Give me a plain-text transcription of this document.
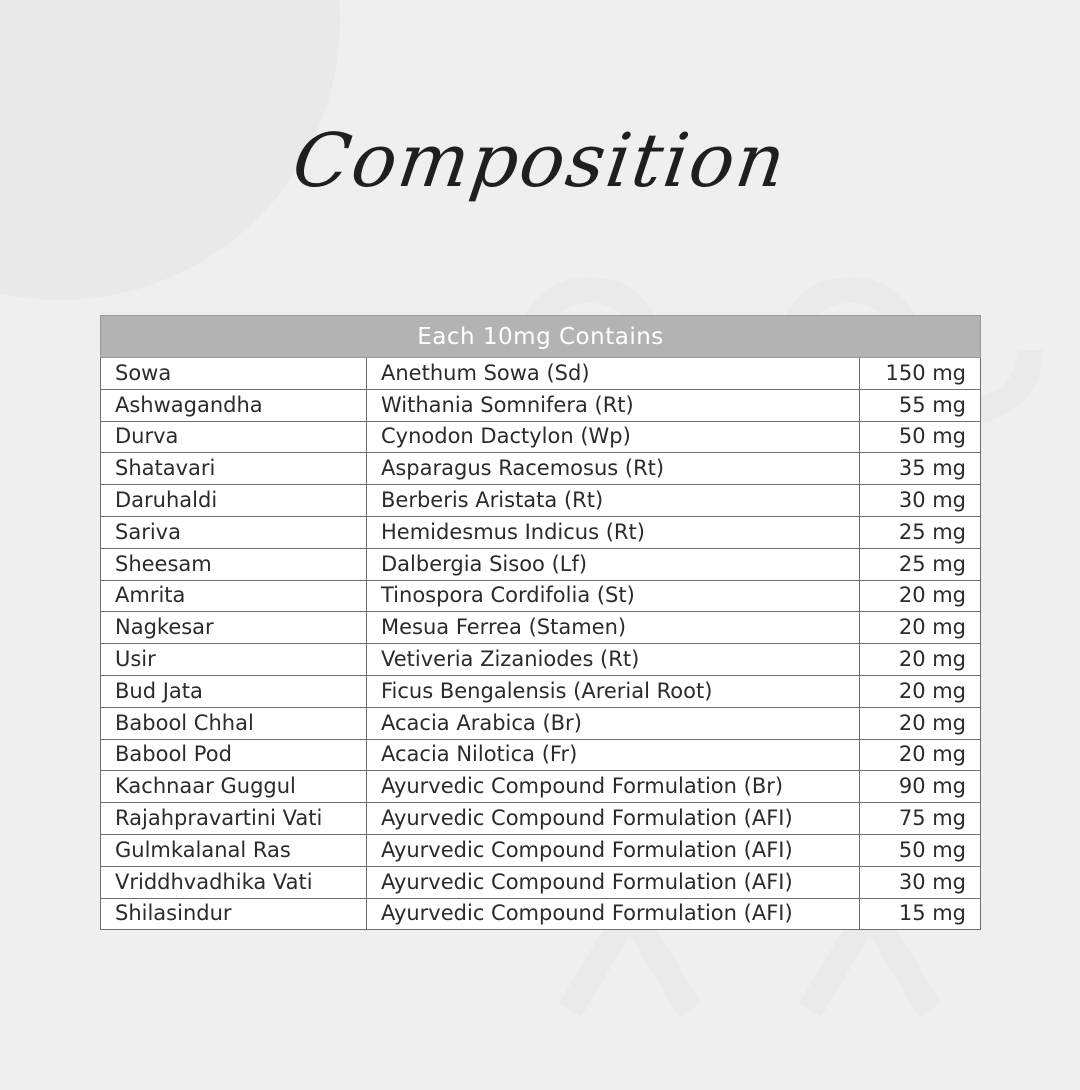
Composition
Each 10mg Contains		
Sowa	Anethum Sowa (Sd)	150 mg
Ashwagandha	Withania Somnifera (Rt)	55 mg
Durva	Cynodon Dactylon (Wp)	50 mg
Shatavari	Asparagus Racemosus (Rt)	35 mg
Daruhaldi	Berberis Aristata (Rt)	30 mg
Sariva	Hemidesmus Indicus (Rt)	25 mg
Sheesam	Dalbergia Sisoo (Lf)	25 mg
Amrita	Tinospora Cordifolia (St)	20 mg
Nagkesar	Mesua Ferrea (Stamen)	20 mg
Usir	Vetiveria Zizaniodes (Rt)	20 mg
Bud Jata	Ficus Bengalensis (Arerial Root)	20 mg
Babool Chhal	Acacia Arabica (Br)	20 mg
Babool Pod	Acacia Nilotica (Fr)	20 mg
Kachnaar Guggul	Ayurvedic Compound Formulation (Br)	90 mg
Rajahpravartini Vati	Ayurvedic Compound Formulation (AFI)	75 mg
Gulmkalanal Ras	Ayurvedic Compound Formulation (AFI)	50 mg
Vriddhvadhika Vati	Ayurvedic Compound Formulation (AFI)	30 mg
Shilasindur	Ayurvedic Compound Formulation (AFI)	15 mg
